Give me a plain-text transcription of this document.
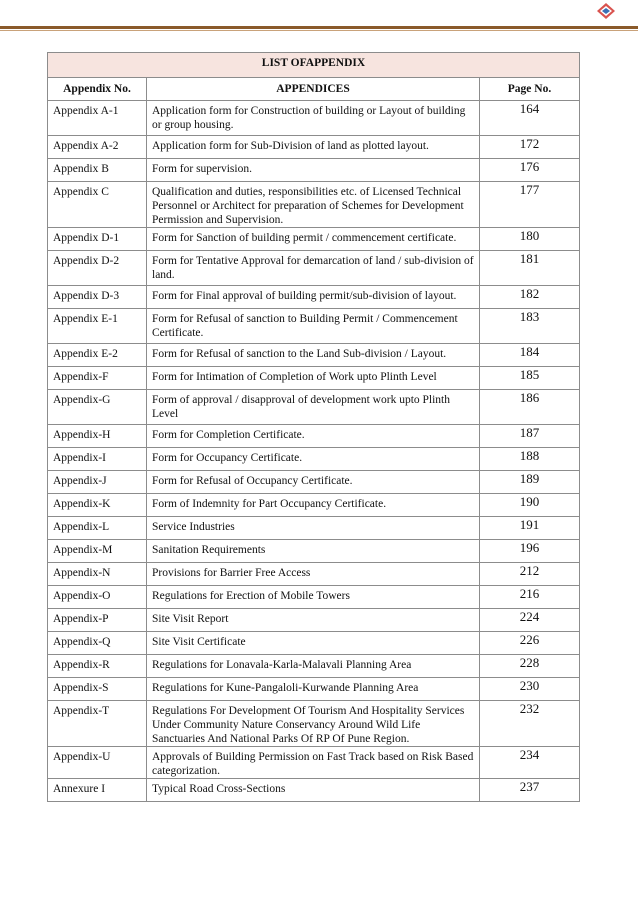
LIST OFAPPENDIX		
Appendix No.	APPENDICES	Page No.
Appendix A-1	Application form for Construction of building or Layout of building or group housing.	164
Appendix A-2	Application form for Sub-Division of land as plotted layout.	172
Appendix B	Form for supervision.	176
Appendix C	Qualification and duties, responsibilities etc. of Licensed Technical Personnel or Architect for preparation of Schemes for Development Permission and Supervision.	177
Appendix D-1	Form for Sanction of building permit / commencement certificate.	180
Appendix D-2	Form for Tentative Approval for demarcation of land / sub-division of land.	181
Appendix D-3	Form for Final approval of building permit/sub-division of layout.	182
Appendix E-1	Form for Refusal of sanction to Building Permit / Commencement Certificate.	183
Appendix E-2	Form for Refusal of sanction to the Land Sub-division / Layout.	184
Appendix-F	Form for Intimation of Completion of Work upto Plinth Level	185
Appendix-G	Form of approval / disapproval of development work upto Plinth Level	186
Appendix-H	Form for Completion Certificate.	187
Appendix-I	Form for Occupancy Certificate.	188
Appendix-J	Form for Refusal of Occupancy Certificate.	189
Appendix-K	Form of Indemnity for Part Occupancy Certificate.	190
Appendix-L	Service Industries	191
Appendix-M	Sanitation Requirements	196
Appendix-N	Provisions for Barrier Free Access	212
Appendix-O	Regulations for Erection of Mobile Towers	216
Appendix-P	Site Visit Report	224
Appendix-Q	Site Visit Certificate	226
Appendix-R	Regulations for Lonavala-Karla-Malavali Planning Area	228
Appendix-S	Regulations for Kune-Pangaloli-Kurwande Planning Area	230
Appendix-T	Regulations For Development Of Tourism And Hospitality Services Under Community Nature Conservancy Around Wild Life Sanctuaries And National Parks Of RP Of Pune Region.	232
Appendix-U	Approvals of Building Permission on Fast Track based on Risk Based categorization.	234
Annexure I	Typical Road Cross-Sections	237
